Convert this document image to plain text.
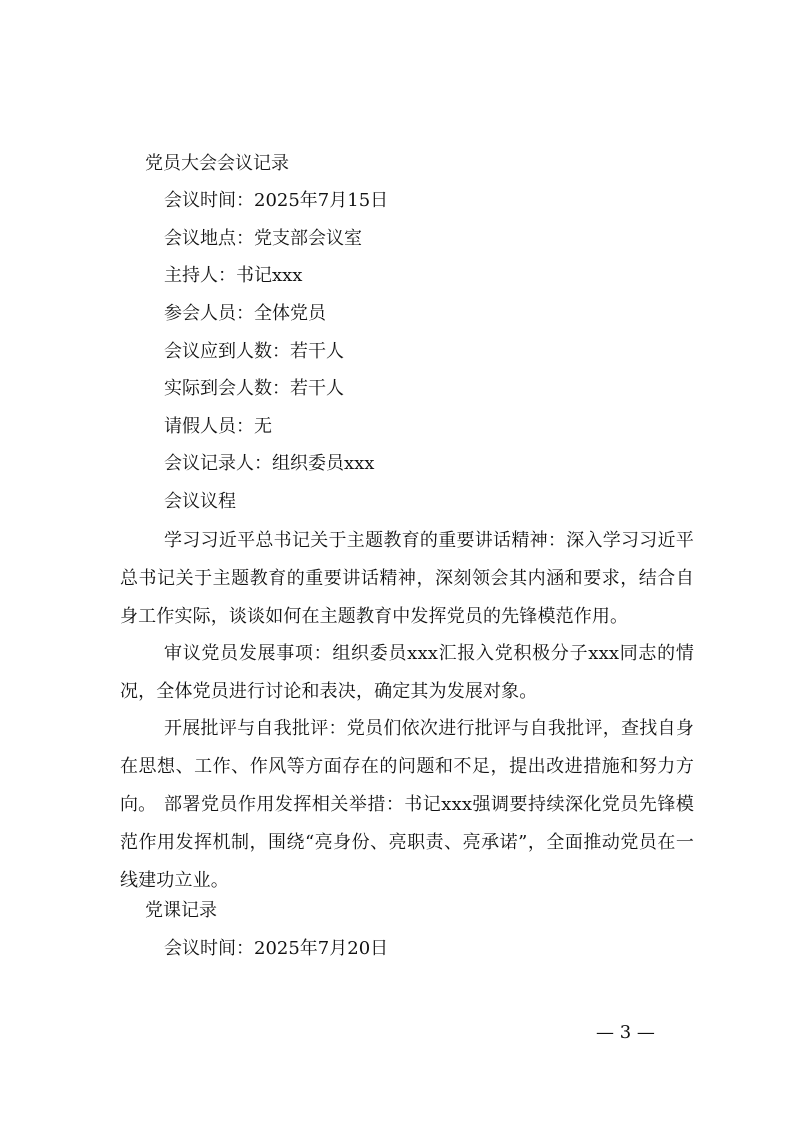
党员大会会议记录
会议时间：2025年7月15日
会议地点：党支部会议室
主持人：书记xxx
参会人员：全体党员
会议应到人数：若干人
实际到会人数：若干人
请假人员：无
会议记录人：组织委员xxx
会议议程
学习习近平总书记关于主题教育的重要讲话精神：深入学习习近平总书记关于主题教育的重要讲话精神，深刻领会其内涵和要求，结合自身工作实际，谈谈如何在主题教育中发挥党员的先锋模范作用。
审议党员发展事项：组织委员xxx汇报入党积极分子xxx同志的情况，全体党员进行讨论和表决，确定其为发展对象。
开展批评与自我批评：党员们依次进行批评与自我批评，查找自身在思想、工作、作风等方面存在的问题和不足，提出改进措施和努力方向。 部署党员作用发挥相关举措：书记xxx强调要持续深化党员先锋模范作用发挥机制，围绕“亮身份、亮职责、亮承诺”，全面推动党员在一线建功立业。
党课记录
会议时间：2025年7月20日
— 3 —
